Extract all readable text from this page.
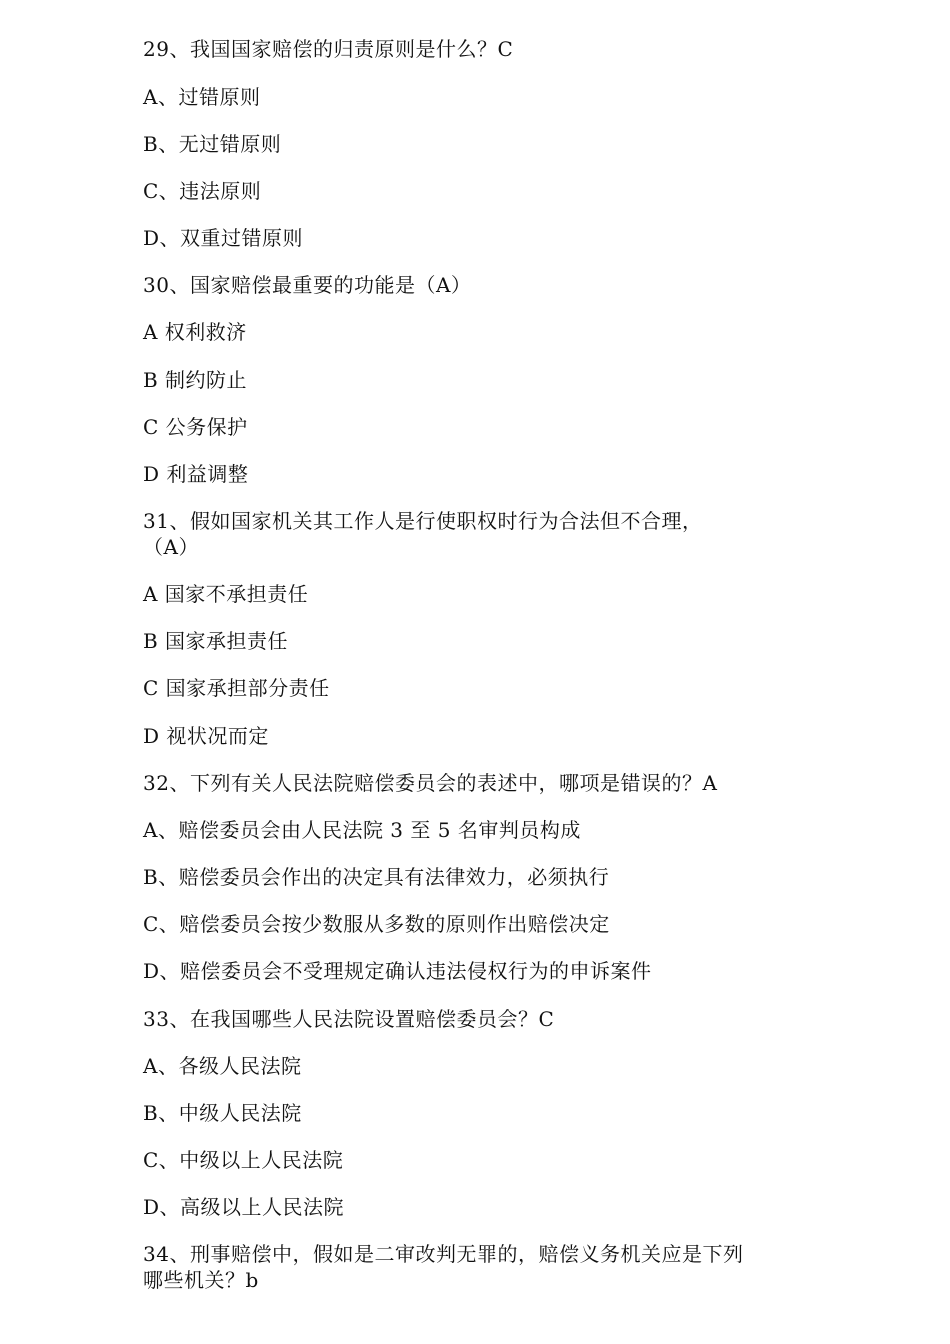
29、我国国家赔偿的归责原则是什么？C
A、过错原则
B、无过错原则
C、违法原则
D、双重过错原则
30、国家赔偿最重要的功能是（A）
A 权利救济
B 制约防止
C 公务保护
D 利益调整
31、假如国家机关其工作人是行使职权时行为合法但不合理，
（A）
A 国家不承担责任
B 国家承担责任
C 国家承担部分责任
D 视状况而定
32、下列有关人民法院赔偿委员会的表述中，哪项是错误的？A
A、赔偿委员会由人民法院 3 至 5 名审判员构成
B、赔偿委员会作出的决定具有法律效力，必须执行
C、赔偿委员会按少数服从多数的原则作出赔偿决定
D、赔偿委员会不受理规定确认违法侵权行为的申诉案件
33、在我国哪些人民法院设置赔偿委员会？C
A、各级人民法院
B、中级人民法院
C、中级以上人民法院
D、高级以上人民法院
34、刑事赔偿中，假如是二审改判无罪的，赔偿义务机关应是下列
哪些机关？b
